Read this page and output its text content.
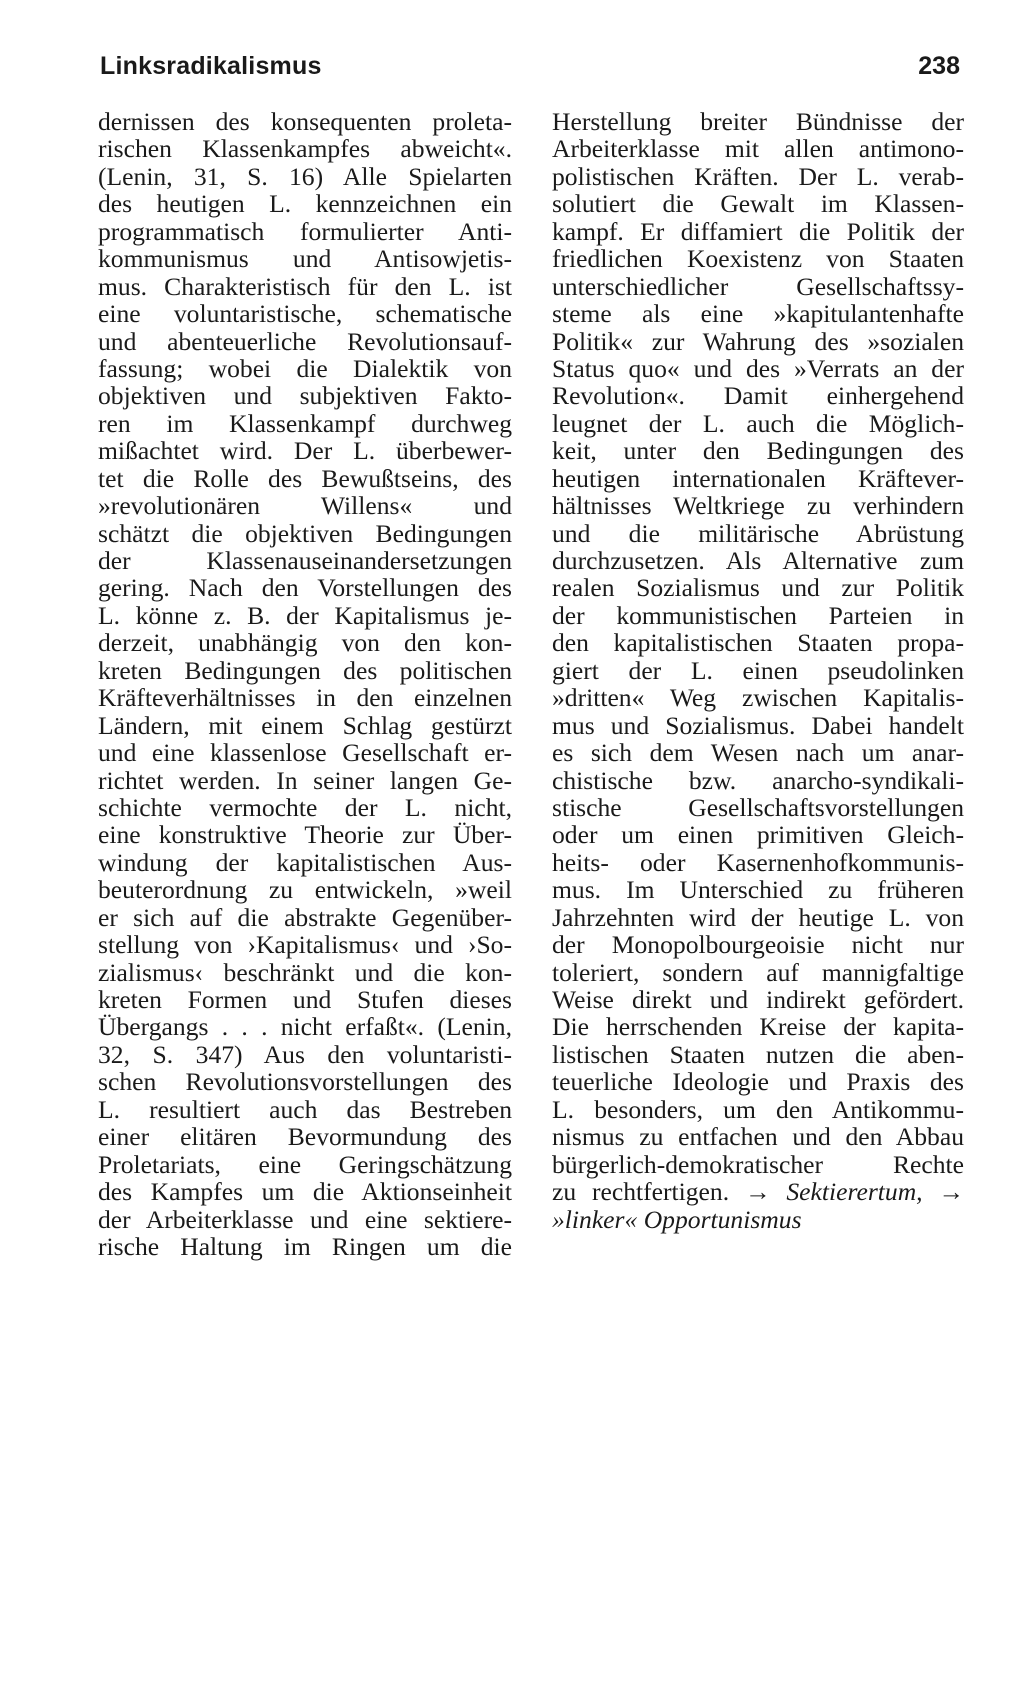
Linksradikalismus	238
dernissen des konsequenten proleta-
rischen Klassenkampfes abweicht«.
(Lenin, 31, S. 16) Alle Spielarten
des heutigen L. kennzeichnen ein
programmatisch formulierter Anti-
kommunismus und Antisowjetis-
mus. Charakteristisch für den L. ist
eine voluntaristische, schematische
und abenteuerliche Revolutionsauf-
fassung; wobei die Dialektik von
objektiven und subjektiven Fakto-
ren im Klassenkampf durchweg
mißachtet wird. Der L. überbewer-
tet die Rolle des Bewußtseins, des
»revolutionären Willens« und
schätzt die objektiven Bedingungen
der Klassenauseinandersetzungen
gering. Nach den Vorstellungen des
L. könne z. B. der Kapitalismus je-
derzeit, unabhängig von den kon-
kreten Bedingungen des politischen
Kräfteverhältnisses in den einzelnen
Ländern, mit einem Schlag gestürzt
und eine klassenlose Gesellschaft er-
richtet werden. In seiner langen Ge-
schichte vermochte der L. nicht,
eine konstruktive Theorie zur Über-
windung der kapitalistischen Aus-
beuterordnung zu entwickeln, »weil
er sich auf die abstrakte Gegenüber-
stellung von ›Kapitalismus‹ und ›So-
zialismus‹ beschränkt und die kon-
kreten Formen und Stufen dieses
Übergangs . . . nicht erfaßt«. (Lenin,
32, S. 347) Aus den voluntaristi-
schen Revolutionsvorstellungen des
L. resultiert auch das Bestreben
einer elitären Bevormundung des
Proletariats, eine Geringschätzung
des Kampfes um die Aktionseinheit
der Arbeiterklasse und eine sektiere-
rische Haltung im Ringen um die
Herstellung breiter Bündnisse der
Arbeiterklasse mit allen antimono-
polistischen Kräften. Der L. verab-
solutiert die Gewalt im Klassen-
kampf. Er diffamiert die Politik der
friedlichen Koexistenz von Staaten
unterschiedlicher Gesellschaftssy-
steme als eine »kapitulantenhafte
Politik« zur Wahrung des »sozialen
Status quo« und des »Verrats an der
Revolution«. Damit einhergehend
leugnet der L. auch die Möglich-
keit, unter den Bedingungen des
heutigen internationalen Kräftever-
hältnisses Weltkriege zu verhindern
und die militärische Abrüstung
durchzusetzen. Als Alternative zum
realen Sozialismus und zur Politik
der kommunistischen Parteien in
den kapitalistischen Staaten propa-
giert der L. einen pseudolinken
»dritten« Weg zwischen Kapitalis-
mus und Sozialismus. Dabei handelt
es sich dem Wesen nach um anar-
chistische bzw. anarcho-syndikali-
stische Gesellschaftsvorstellungen
oder um einen primitiven Gleich-
heits- oder Kasernenhofkommunis-
mus. Im Unterschied zu früheren
Jahrzehnten wird der heutige L. von
der Monopolbourgeoisie nicht nur
toleriert, sondern auf mannigfaltige
Weise direkt und indirekt gefördert.
Die herrschenden Kreise der kapita-
listischen Staaten nutzen die aben-
teuerliche Ideologie und Praxis des
L. besonders, um den Antikommu-
nismus zu entfachen und den Abbau
bürgerlich-demokratischer Rechte
zu rechtfertigen. → Sektierertum, →
»linker« Opportunismus
